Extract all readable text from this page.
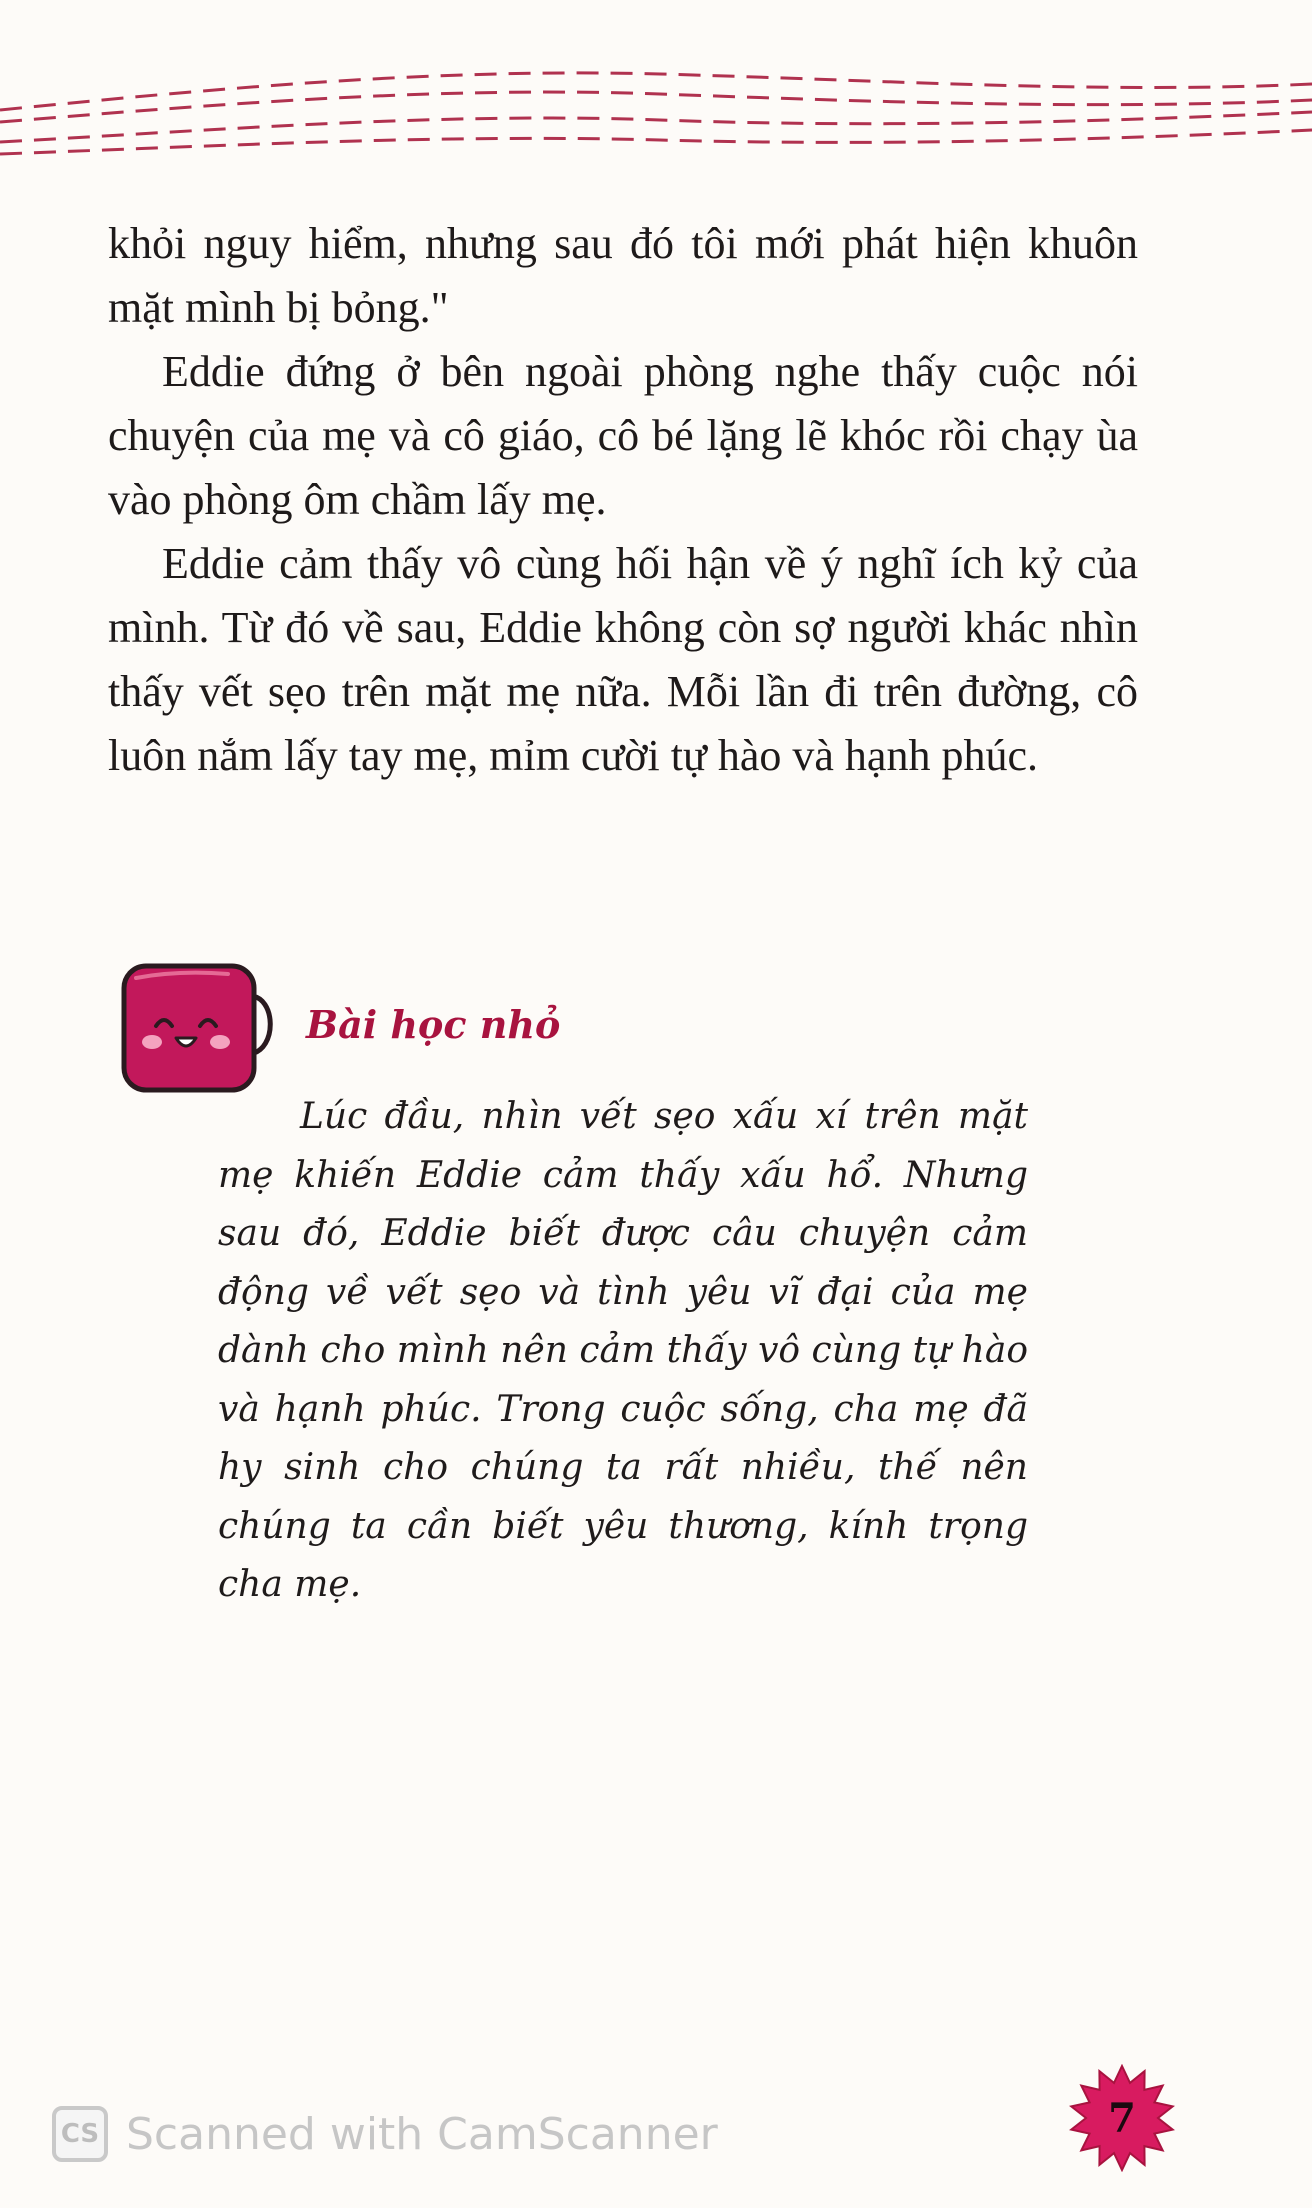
khỏi nguy hiểm, nhưng sau đó tôi mới phát hiện khuôn mặt mình bị bỏng."

Eddie đứng ở bên ngoài phòng nghe thấy cuộc nói chuyện của mẹ và cô giáo, cô bé lặng lẽ khóc rồi chạy ùa vào phòng ôm chầm lấy mẹ.

Eddie cảm thấy vô cùng hối hận về ý nghĩ ích kỷ của mình. Từ đó về sau, Eddie không còn sợ người khác nhìn thấy vết sẹo trên mặt mẹ nữa. Mỗi lần đi trên đường, cô luôn nắm lấy tay mẹ, mỉm cười tự hào và hạnh phúc.

Bài học nhỏ

Lúc đầu, nhìn vết sẹo xấu xí trên mặt mẹ khiến Eddie cảm thấy xấu hổ. Nhưng sau đó, Eddie biết được câu chuyện cảm động về vết sẹo và tình yêu vĩ đại của mẹ dành cho mình nên cảm thấy vô cùng tự hào và hạnh phúc. Trong cuộc sống, cha mẹ đã hy sinh cho chúng ta rất nhiều, thế nên chúng ta cần biết yêu thương, kính trọng cha mẹ.

CS Scanned with CamScanner	7
